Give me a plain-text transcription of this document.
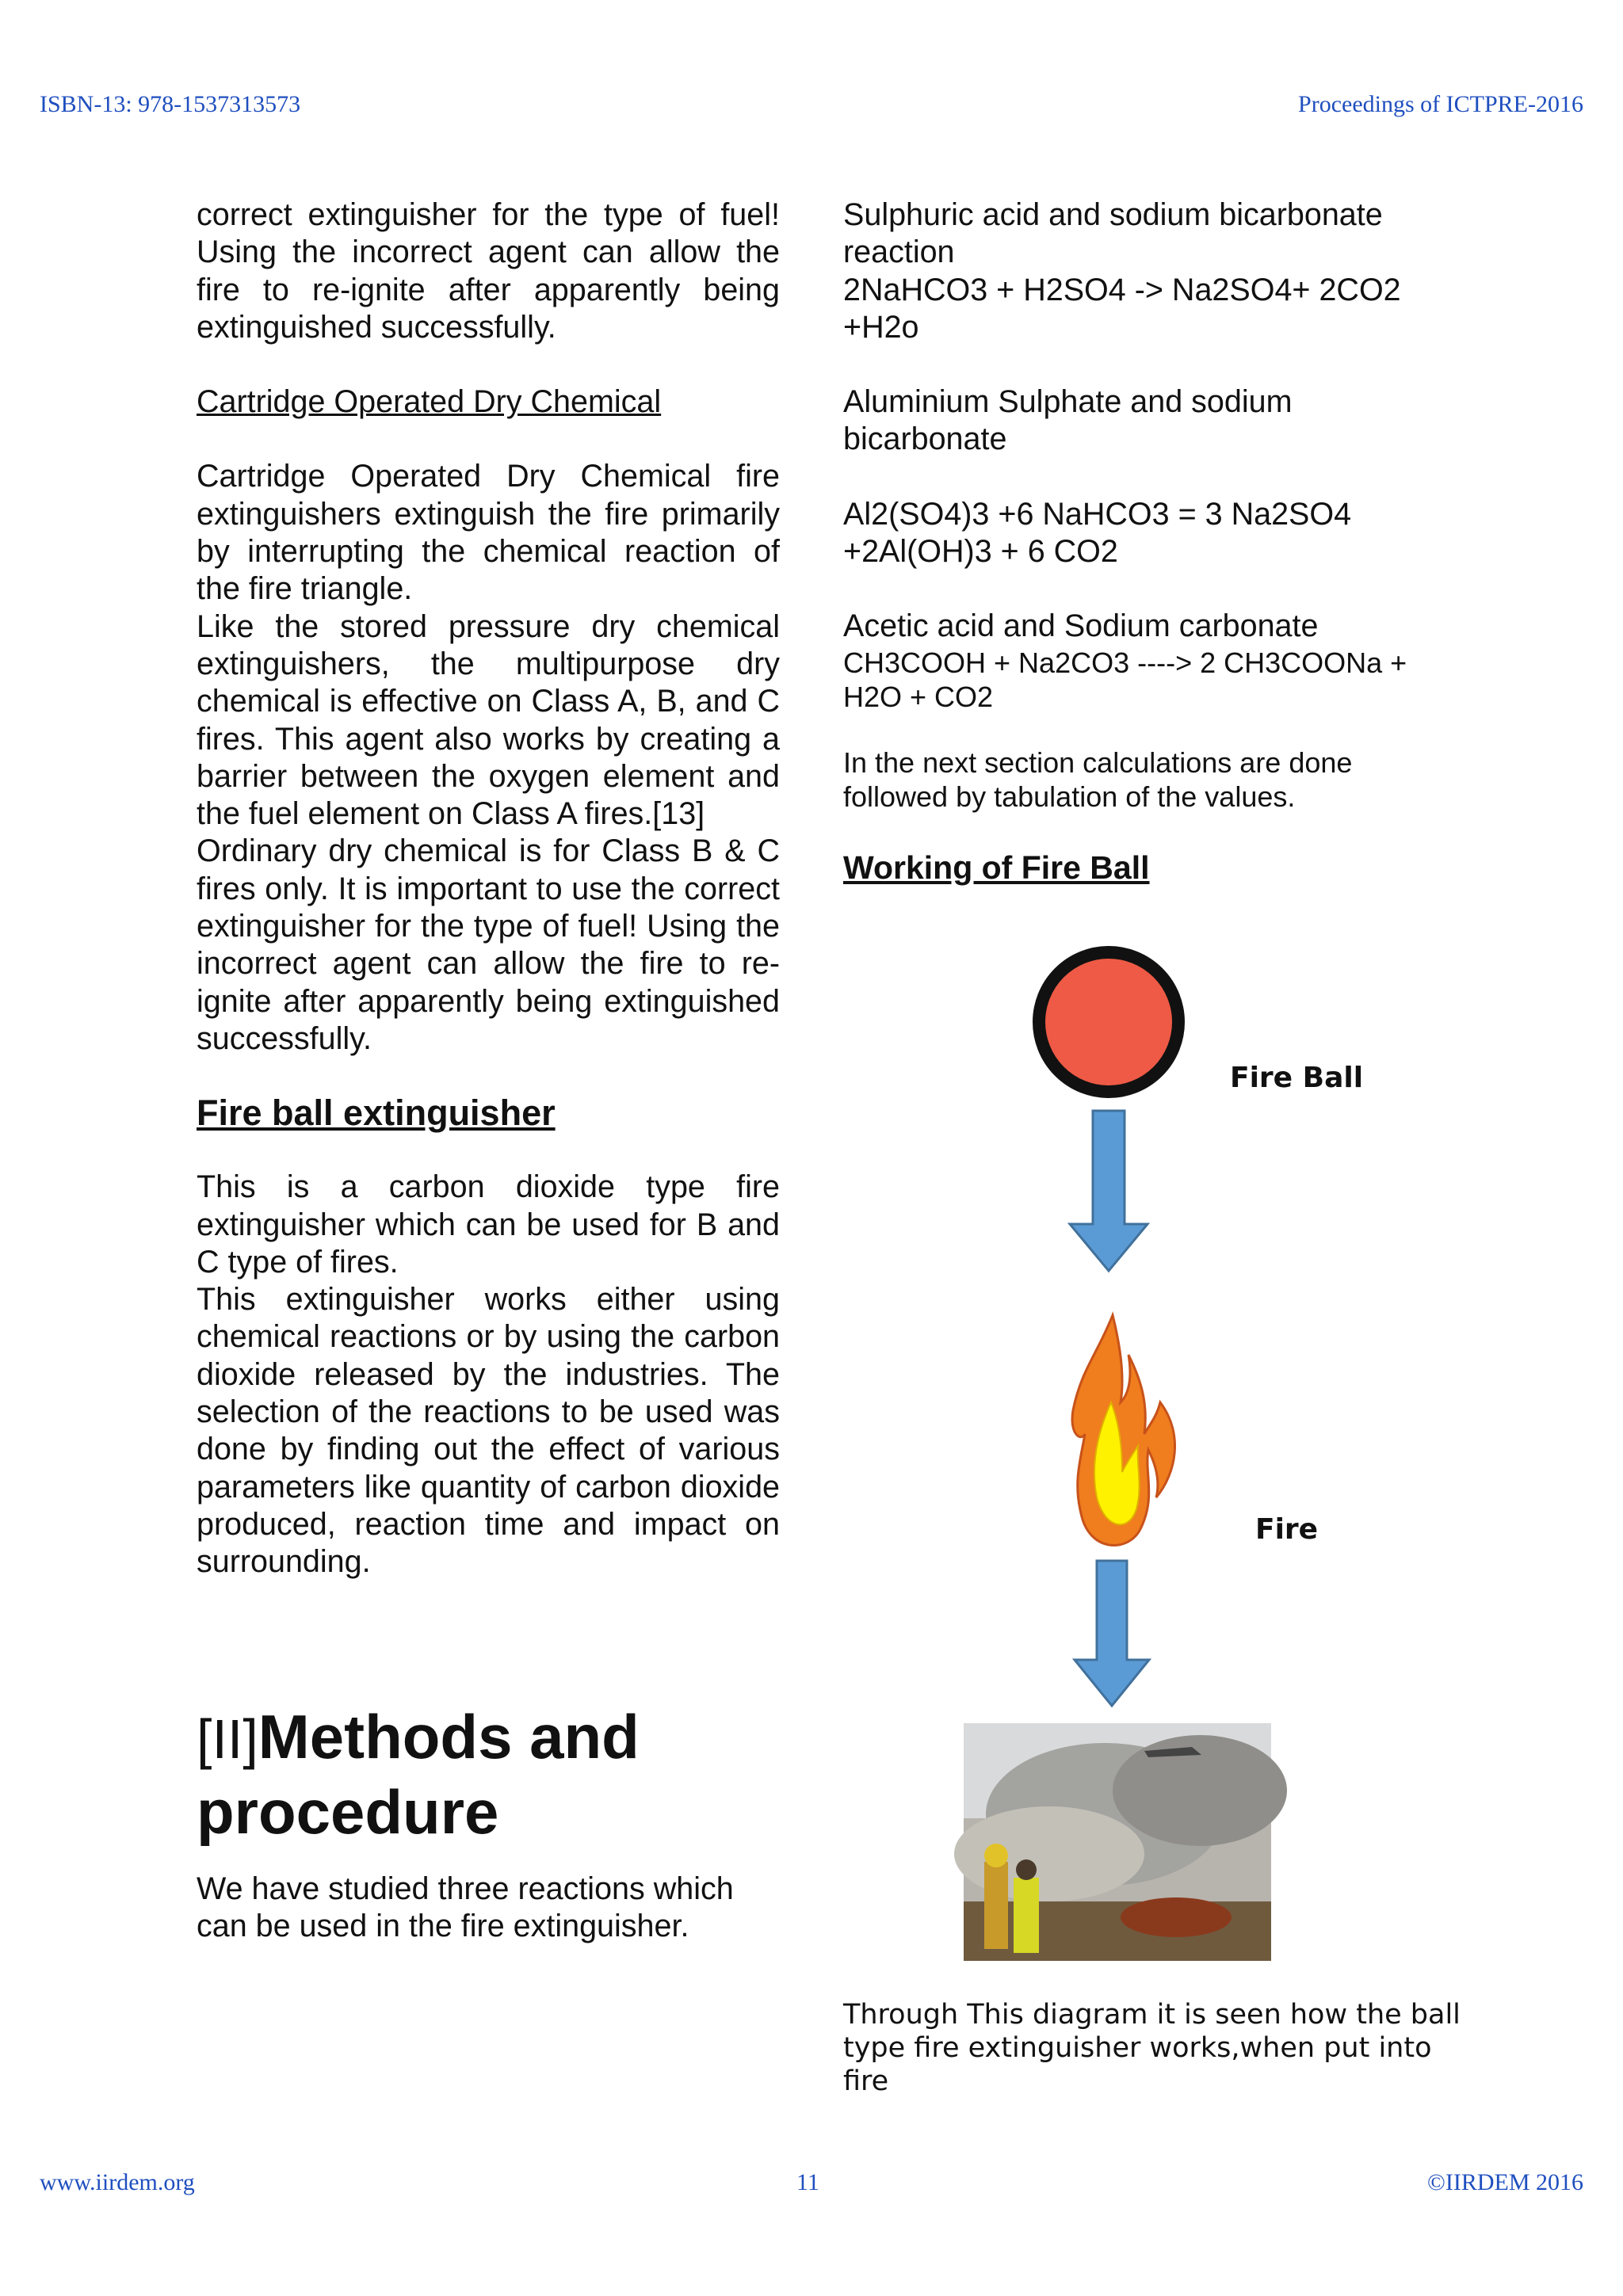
ISBN-13: 978-1537313573	Proceedings of ICTPRE-2016

correct extinguisher for the type of fuel! Using the incorrect agent can allow the fire to re-ignite after apparently being extinguished successfully.

Cartridge Operated Dry Chemical

Cartridge Operated Dry Chemical fire extinguishers extinguish the fire primarily by interrupting the chemical reaction of the fire triangle.

Like the stored pressure dry chemical extinguishers, the multipurpose dry chemical is effective on Class A, B, and C fires. This agent also works by creating a barrier between the oxygen element and the fuel element on Class A fires.[13]

Ordinary dry chemical is for Class B & C fires only. It is important to use the correct extinguisher for the type of fuel! Using the incorrect agent can allow the fire to re-ignite after apparently being extinguished successfully.

Fire ball extinguisher

This is a carbon dioxide type fire extinguisher which can be used for B and C type of fires.

This extinguisher works either using chemical reactions or by using the carbon dioxide released by the industries. The selection of the reactions to be used was done by finding out the effect of various parameters like quantity of carbon dioxide produced, reaction time and impact on surrounding.

[II]Methods and

procedure

We have studied three reactions which can be used in the fire extinguisher.

Sulphuric acid and sodium bicarbonate reaction

2NaHCO3 + H2SO4 -> Na2SO4+ 2CO2 +H2o

Aluminium Sulphate and sodium bicarbonate

Al2(SO4)3 +6 NaHCO3 = 3 Na2SO4 +2Al(OH)3 + 6 CO2

Acetic acid and Sodium carbonate

CH3COOH + Na2CO3 ----> 2 CH3COONa + H2O + CO2

In the next section calculations are done followed by tabulation of the values.

Working of Fire Ball

Fire Ball
Fire

Through This diagram it is seen how the ball type fire extinguisher works,when put into fire

www.iirdem.org	11	©IIRDEM 2016
